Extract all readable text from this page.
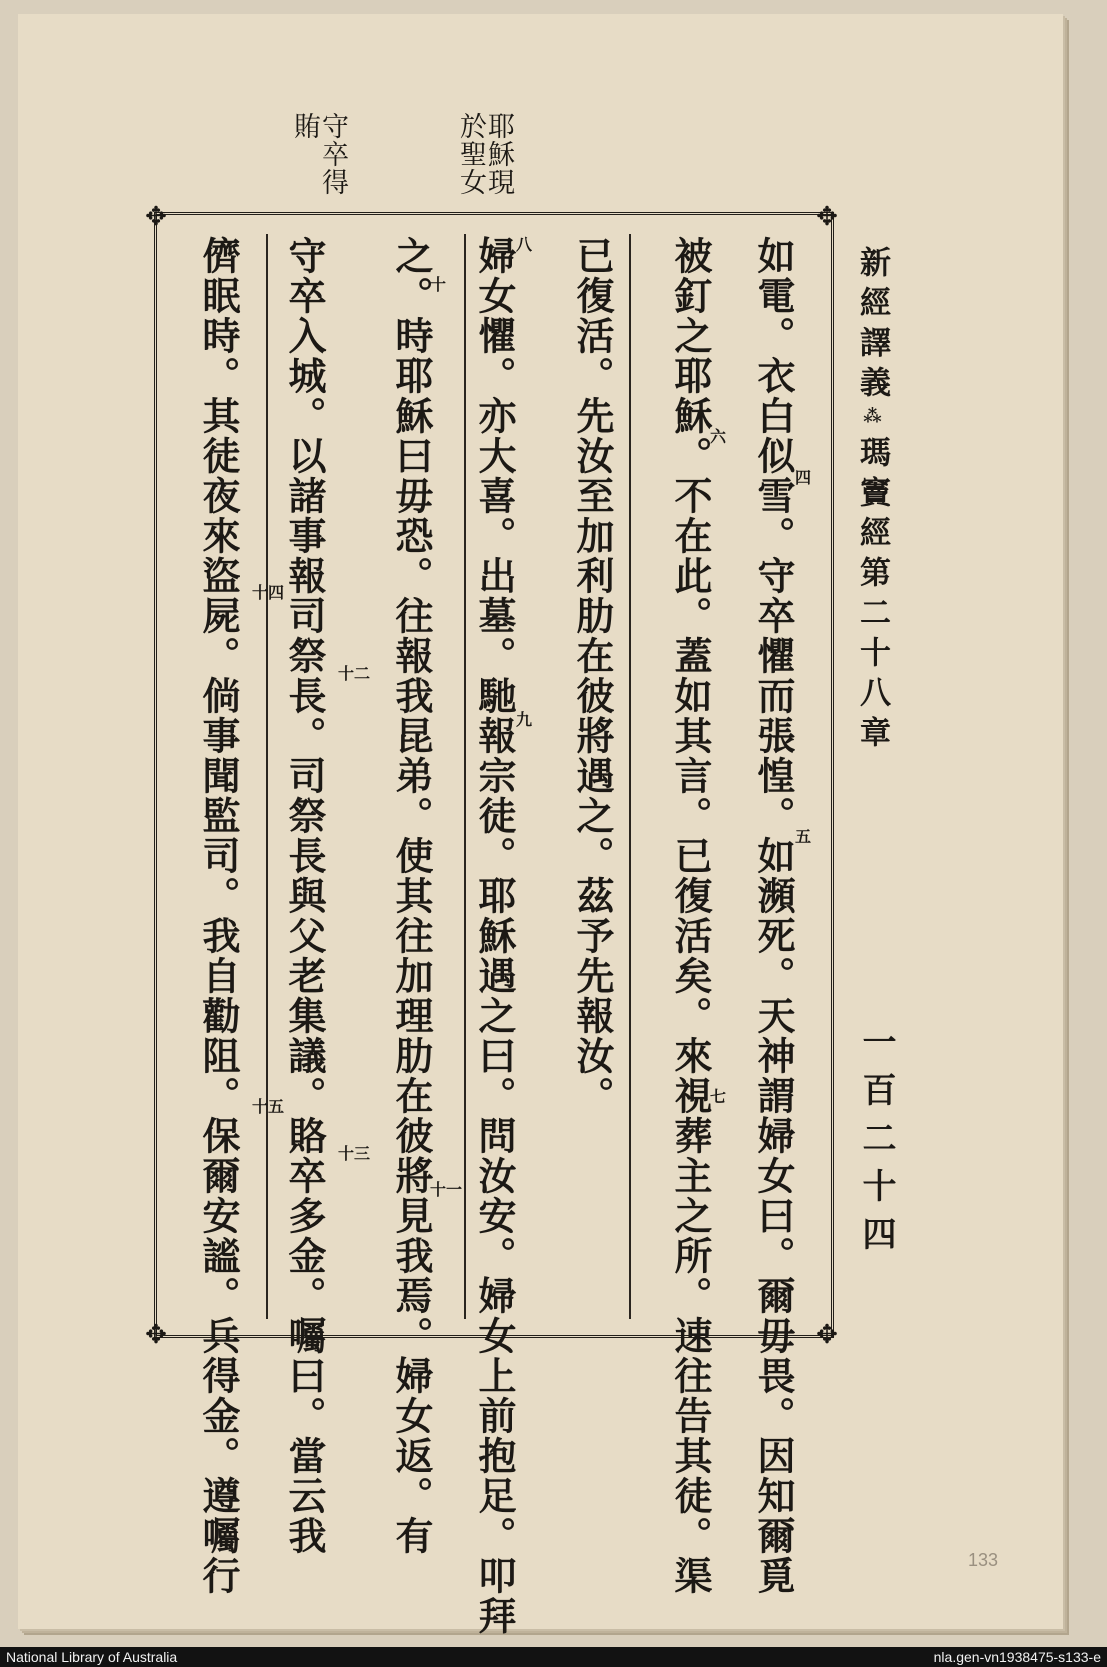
新經譯義⁂瑪竇經第二十八章
一百二十四
耶穌現
於聖女
守卒得
賄
✥	✥
✥	✥
如電。衣白似雪。守卒懼而張惶。如瀕死。天神謂婦女曰。爾毋畏。因知爾覓
被釘之耶穌。不在此。蓋如其言。已復活矣。來視葬主之所。速往告其徒。渠
已復活。先汝至加利肋在彼將遇之。茲予先報汝。
婦女懼。亦大喜。出墓。馳報宗徒。耶穌遇之曰。問汝安。婦女上前抱足。叩拜
之。時耶穌曰毋恐。往報我昆弟。使其往加理肋在彼將見我焉。婦女返。有
守卒入城。以諸事報司祭長。司祭長與父老集議。賂卒多金。囑曰。當云我
儕眠時。其徒夜來盜屍。倘事聞監司。我自勸阻。保爾安謐。兵得金。遵囑行	四
五
六
七
八
九
十
十一
十二
十三
十四
十五
133
National Library of Australia	nla.gen-vn1938475-s133-e
